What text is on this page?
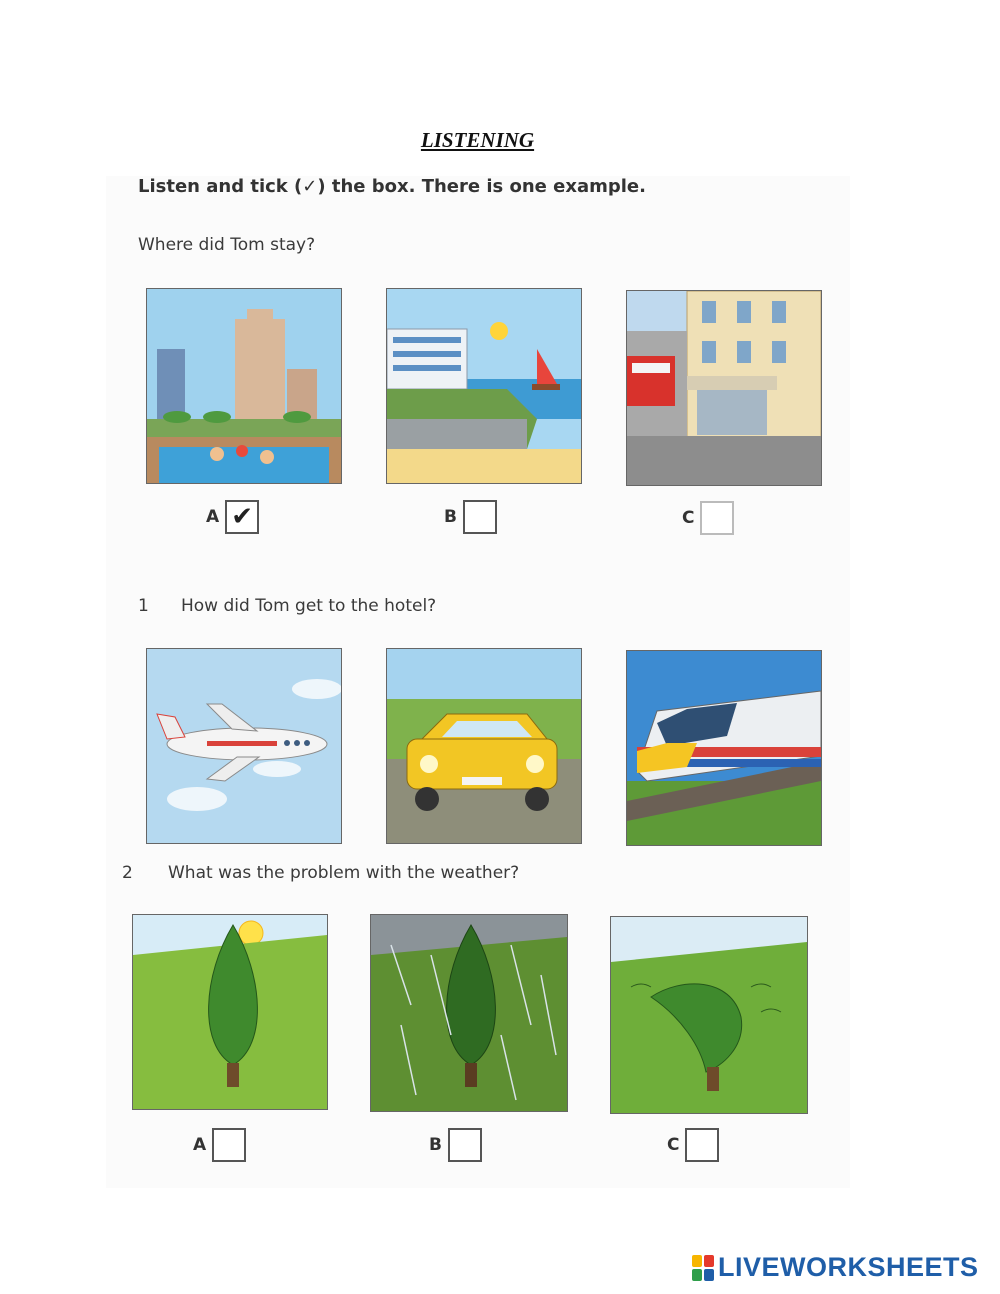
LISTENING
Listen and tick (✓) the box. There is one example.
Where did Tom stay?
A ✔	B	C
1 How did Tom get to the hotel?
2 What was the problem with the weather?
A	B	C
LIVEWORKSHEETS
